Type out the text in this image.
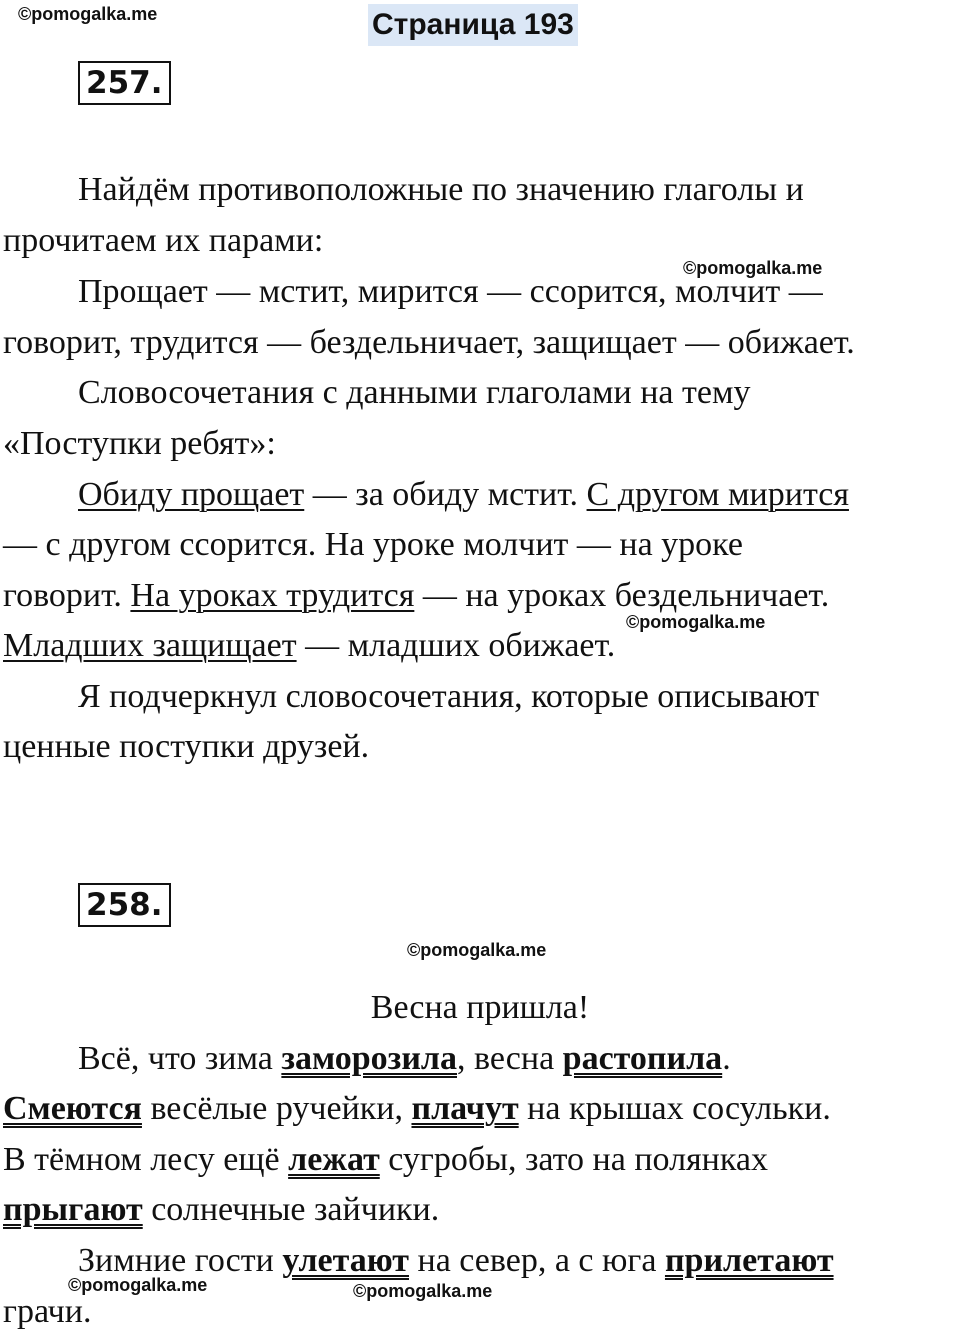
©pomogalka.me	Страница 193
257.
Найдём противоположные по значению глаголы и
прочитаем их парами:
©pomogalka.me
Прощает — мстит, мирится — ссорится, молчит —
говорит, трудится — бездельничает, защищает — обижает.
Словосочетания с данными глаголами на тему
«Поступки ребят»:
Обиду прощает — за обиду мстит. С другом мирится
— с другом ссорится. На уроке молчит — на уроке
говорит. На уроках трудится — на уроках бездельничает.
©pomogalka.me
Младших защищает — младших обижает.
Я подчеркнул словосочетания, которые описывают
ценные поступки друзей.
258.
©pomogalka.me
Весна пришла!
Всё, что зима заморозила, весна растопила.
Смеются весёлые ручейки, плачут на крышах сосульки.
В тёмном лесу ещё лежат сугробы, зато на полянках
прыгают солнечные зайчики.
Зимние гости улетают на север, а с юга прилетают
©pomogalka.me	©pomogalka.me
грачи.
